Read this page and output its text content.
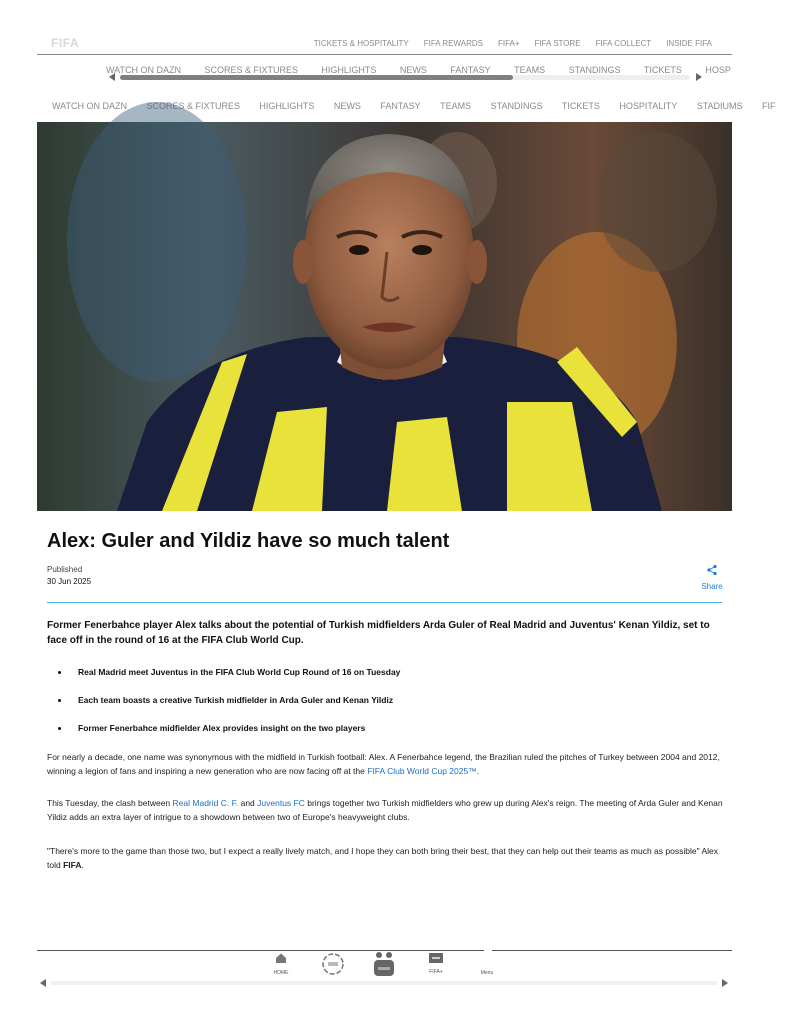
FIFA	TICKETS & HOSPITALITY FIFA REWARDS FIFA+ FIFA STORE FIFA COLLECT INSIDE FIFA
WATCH ON DAZN	SCORES & FIXTURES	HIGHLIGHTS	NEWS	FANTASY	TEAMS	STANDINGS	TICKETS	HOSP
WATCH ON DAZN SCORES & FIXTURES HIGHLIGHTS NEWS FANTASY TEAMS STANDINGS TICKETS HOSPITALITY STADIUMS FIF
Alex: Guler and Yildiz have so much talent
Published
30 Jun 2025
Share

Former Fenerbahce player Alex talks about the potential of Turkish midfielders Arda Guler of Real Madrid and Juventus' Kenan Yildiz, set to face off in the round of 16 at the FIFA Club World Cup.

Real Madrid meet Juventus in the FIFA Club World Cup Round of 16 on Tuesday
Each team boasts a creative Turkish midfielder in Arda Guler and Kenan Yildiz
Former Fenerbahce midfielder Alex provides insight on the two players

For nearly a decade, one name was synonymous with the midfield in Turkish football: Alex. A Fenerbahce legend, the Brazilian ruled the pitches of Turkey between 2004 and 2012, winning a legion of fans and inspiring a new generation who are now facing off at the FIFA Club World Cup 2025™.

This Tuesday, the clash between Real Madrid C. F. and Juventus FC brings together two Turkish midfielders who grew up during Alex's reign. The meeting of Arda Guler and Kenan Yildiz adds an extra layer of intrigue to a showdown between two of Europe's heavyweight clubs.

"There's more to the game than those two, but I expect a really lively match, and I hope they can both bring their best, that they can help out their teams as much as possible" Alex told FIFA.

HOME	FIFA+	Menu
